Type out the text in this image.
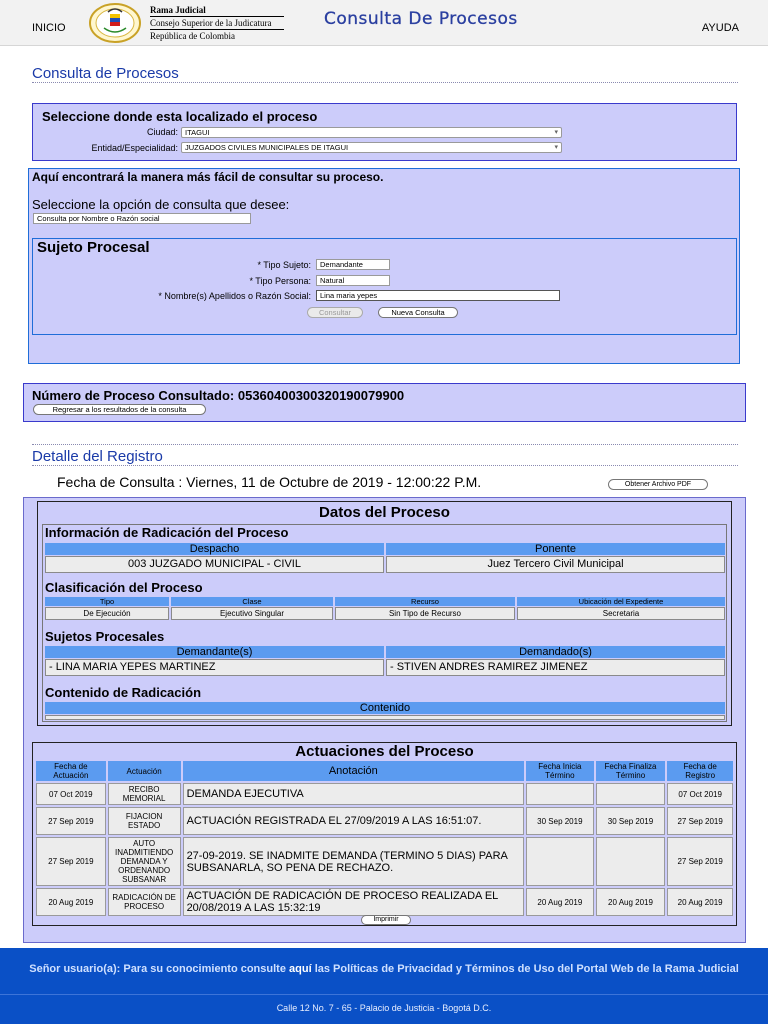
INICIO
Rama Judicial
Consejo Superior de la Judicatura
República de Colombia
Consulta De Procesos	AYUDA
Consulta de Procesos
Seleccione donde esta localizado el proceso
Ciudad: ITAGUI	▾
Entidad/Especialidad: JUZGADOS CIVILES MUNICIPALES DE ITAGUI	▾
Aquí encontrará la manera más fácil de consultar su proceso.
Seleccione la opción de consulta que desee:
Consulta por Nombre o Razón social
Sujeto Procesal
* Tipo Sujeto:	Demandante
* Tipo Persona:	Natural
* Nombre(s) Apellidos o Razón Social:	Lina maria yepes
Consultar	Nueva Consulta
Número de Proceso Consultado: 05360400300320190079900
Regresar a los resultados de la consulta
Detalle del Registro
Fecha de Consulta : Viernes, 11 de Octubre de 2019 - 12:00:22 P.M.	Obtener Archivo PDF
Datos del Proceso
Información de Radicación del Proceso
Despacho	Ponente
003 JUZGADO MUNICIPAL - CIVIL	Juez Tercero Civil Municipal
Clasificación del Proceso
Tipo	Clase	Recurso	Ubicación del Expediente
De Ejecución	Ejecutivo Singular	Sin Tipo de Recurso	Secretaria
Sujetos Procesales
Demandante(s)	Demandado(s)
- LINA MARIA YEPES MARTINEZ	- STIVEN ANDRES RAMIREZ JIMENEZ
Contenido de Radicación
Contenido
Actuaciones del Proceso
Fecha de Actuación	Actuación	Anotación	Fecha Inicia Término	Fecha Finaliza Término	Fecha de Registro
07 Oct 2019	RECIBO MEMORIAL	DEMANDA EJECUTIVA			07 Oct 2019
27 Sep 2019	FIJACION ESTADO	ACTUACIÓN REGISTRADA EL 27/09/2019 A LAS 16:51:07.	30 Sep 2019	30 Sep 2019	27 Sep 2019
27 Sep 2019	AUTO INADMITIENDO DEMANDA Y ORDENANDO SUBSANAR	27-09-2019. SE INADMITE DEMANDA (TERMINO 5 DIAS) PARA SUBSANARLA, SO PENA DE RECHAZO.			27 Sep 2019
20 Aug 2019	RADICACIÓN DE PROCESO	ACTUACIÓN DE RADICACIÓN DE PROCESO REALIZADA EL 20/08/2019 A LAS 15:32:19	20 Aug 2019	20 Aug 2019	20 Aug 2019
Imprimir
Señor usuario(a): Para su conocimiento consulte aquí las Políticas de Privacidad y Términos de Uso del Portal Web de la Rama Judicial
Calle 12 No. 7 - 65 - Palacio de Justicia - Bogotá D.C.
